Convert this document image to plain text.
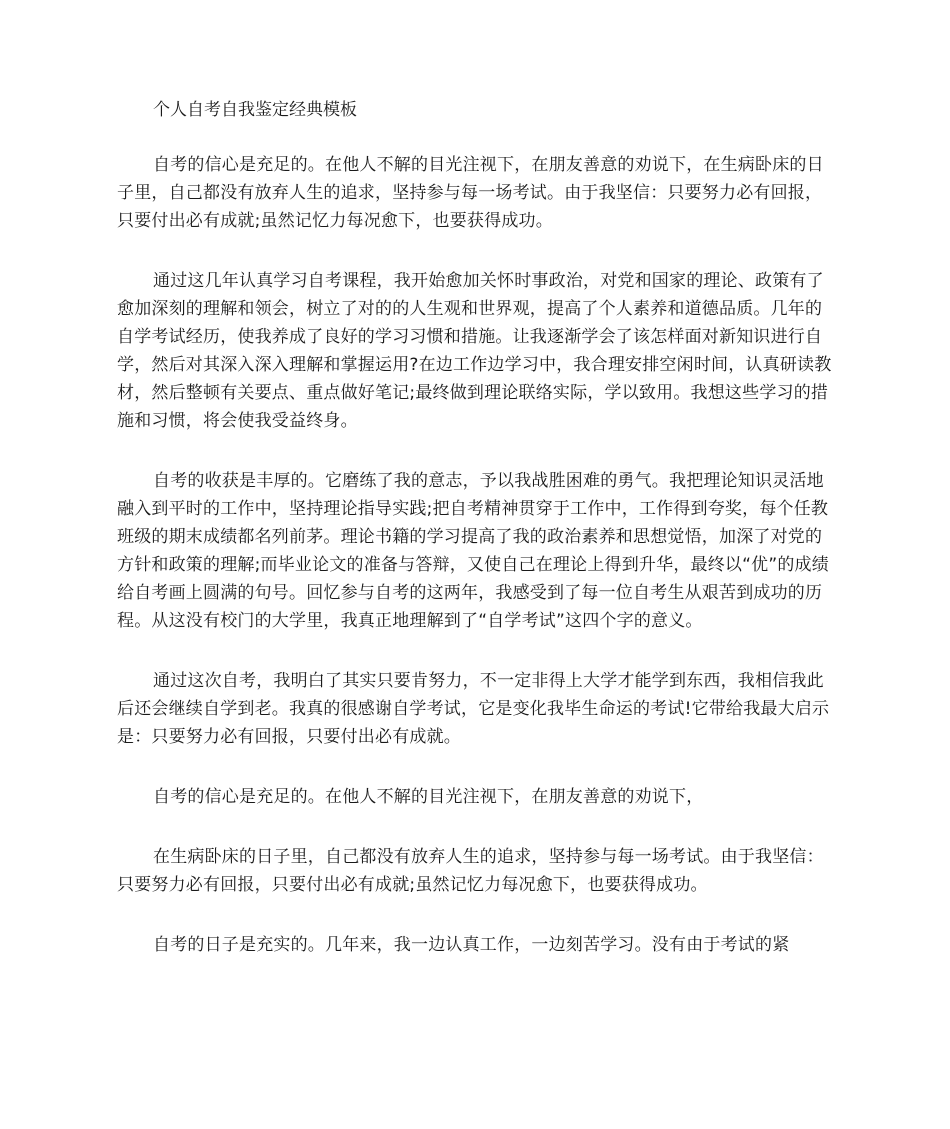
个人自考自我鉴定经典模板

自考的信心是充足的。在他人不解的目光注视下，在朋友善意的劝说下，在生病卧床的日子里，自己都没有放弃人生的追求，坚持参与每一场考试。由于我坚信：只要努力必有回报，只要付出必有成就;虽然记忆力每况愈下，也要获得成功。

通过这几年认真学习自考课程，我开始愈加关怀时事政治，对党和国家的理论、政策有了愈加深刻的理解和领会，树立了对的的人生观和世界观，提高了个人素养和道德品质。几年的自学考试经历，使我养成了良好的学习习惯和措施。让我逐渐学会了该怎样面对新知识进行自学，然后对其深入深入理解和掌握运用?在边工作边学习中，我合理安排空闲时间，认真研读教材，然后整顿有关要点、重点做好笔记;最终做到理论联络实际，学以致用。我想这些学习的措施和习惯，将会使我受益终身。

自考的收获是丰厚的。它磨练了我的意志，予以我战胜困难的勇气。我把理论知识灵活地融入到平时的工作中，坚持理论指导实践;把自考精神贯穿于工作中，工作得到夸奖，每个任教班级的期末成绩都名列前茅。理论书籍的学习提高了我的政治素养和思想觉悟，加深了对党的方针和政策的理解;而毕业论文的准备与答辩，又使自己在理论上得到升华，最终以“优”的成绩给自考画上圆满的句号。回忆参与自考的这两年，我感受到了每一位自考生从艰苦到成功的历程。从这没有校门的大学里，我真正地理解到了“自学考试”这四个字的意义。

通过这次自考，我明白了其实只要肯努力，不一定非得上大学才能学到东西，我相信我此后还会继续自学到老。我真的很感谢自学考试，它是变化我毕生命运的考试!它带给我最大启示是：只要努力必有回报，只要付出必有成就。

自考的信心是充足的。在他人不解的目光注视下，在朋友善意的劝说下，

在生病卧床的日子里，自己都没有放弃人生的追求，坚持参与每一场考试。由于我坚信：只要努力必有回报，只要付出必有成就;虽然记忆力每况愈下，也要获得成功。

自考的日子是充实的。几年来，我一边认真工作，一边刻苦学习。没有由于考试的紧
